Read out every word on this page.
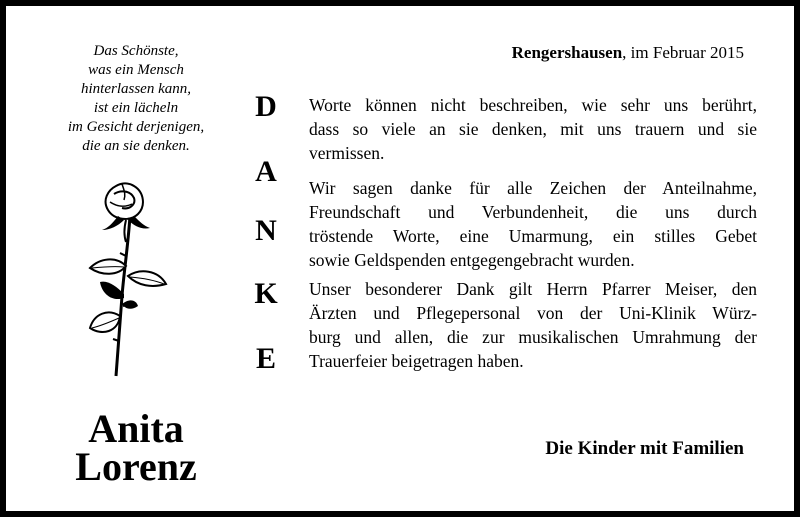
Das Schönste,
was ein Mensch
hinterlassen kann,
ist ein lächeln
im Gesicht derjenigen,
die an sie denken.
Anita
Lorenz
D
A
N
K
E
Rengershausen, im Februar 2015
Worte können nicht beschreiben, wie sehr uns berührt,
dass so viele an sie denken, mit uns trauern und sie
vermissen.
Wir sagen danke für alle Zeichen der Anteilnahme,
Freundschaft und Verbundenheit, die uns durch
tröstende Worte, eine Umarmung, ein stilles Gebet
sowie Geldspenden entgegengebracht wurden.
Unser besonderer Dank gilt Herrn Pfarrer Meiser, den
Ärzten und Pflegepersonal von der Uni-Klinik Würz-
burg und allen, die zur musikalischen Umrahmung der
Trauerfeier beigetragen haben.
Die Kinder mit Familien
